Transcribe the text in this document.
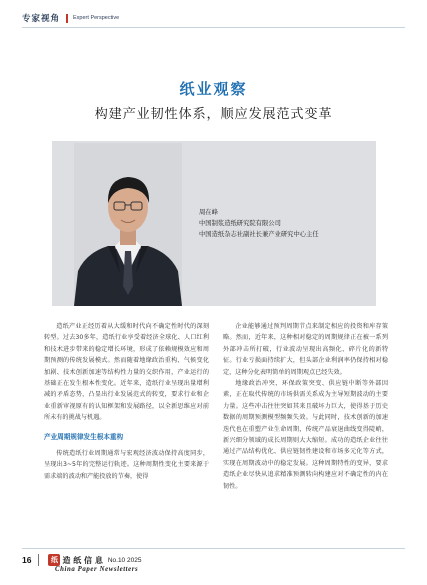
专家视角 Expert Perspective
纸业观察
构建产业韧性体系，顺应发展范式变革
周在峰
中国制浆造纸研究院有限公司
中国造纸杂志社副社长兼产业研究中心主任

造纸产业正经历着从大缓和时代向不确定性时代的深刻转型。过去30多年，造纸行业享受着经济全球化、人口红利和技术进步带来的稳定增长环境，形成了依赖规模效应和周期预测的传统发展模式。然而随着地缘政治重构、气候变化加剧、技术创新加速等结构性力量的交织作用，产业运行的基础正在发生根本性变化。近年来，造纸行业呈现出量增利减的矛盾态势，凸显出行业发展范式的转变，要求行业和企业重新审视原有的认知框架和发展路径，以全新思维应对前所未有的挑战与机遇。

产业周期规律发生根本重构

传统造纸行业周期通常与宏观经济波动保持高度同步，呈现出3~5年的完整运行轨迹。这种周期性变化主要来源于需求端的波动和产能投放的节奏，使得

企业能够通过预判周期节点来制定相应的投资和库存策略。然而，近年来，这种相对稳定的周期规律正在被一系列外部冲击所打破，行业波动呈现出高频化、碎片化的新特征。行业亏损面持续扩大，但头部企业利润率仍保持相对稳定，这种分化表明简单的周期观点已经失效。

地缘政治冲突、环保政策突变、供应链中断等外部因素，正在取代传统的市场供需关系成为主导短期波动的主要力量。这些冲击往往突如其来且破坏力巨大，使得基于历史数据的周期预测模型频频失效。与此同时，技术创新的加速迭代也在重塑产业生命周期，传统产品衰退曲线变得陡峭，新兴细分领域的成长周期则大大缩短。成功的造纸企业往往通过产品结构优化、供应链韧性建设和市场多元化等方式，实现在周期波动中的稳定发展。这种周期特性的变异，要求造纸企业尽快从追求精准预测转向构建应对不确定性的内在韧性。

16	纸 造 纸 信 息 No.10 2025
China Paper Newsletters
